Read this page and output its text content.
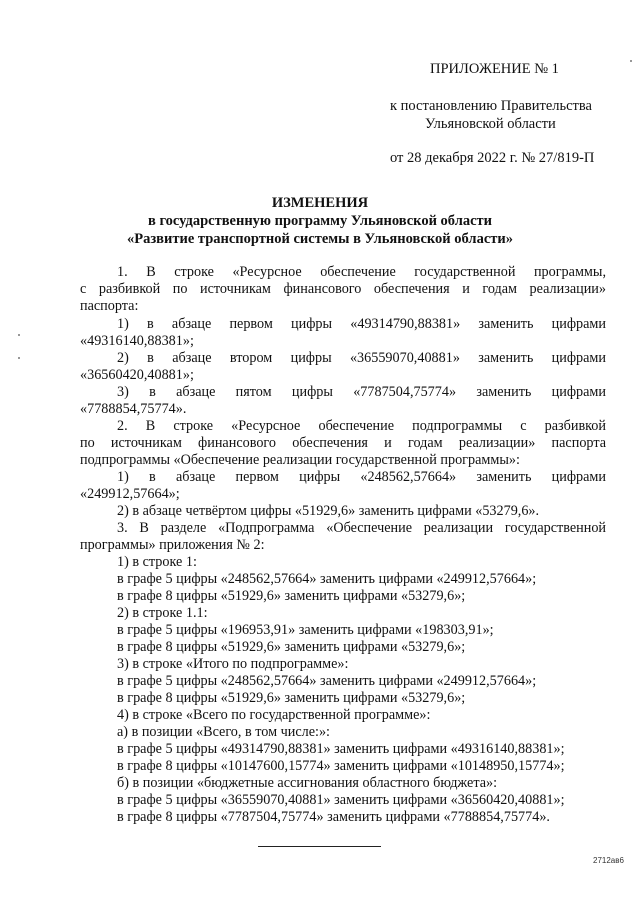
ПРИЛОЖЕНИЕ № 1
к постановлению Правительства
Ульяновской области
от 28 декабря 2022 г. № 27/819-П
ИЗМЕНЕНИЯ
в государственную программу Ульяновской области
«Развитие транспортной системы в Ульяновской области»
1. В строке «Ресурсное обеспечение государственной программы,
с разбивкой по источникам финансового обеспечения и годам реализации»
паспорта:
1) в абзаце первом цифры «49314790,88381» заменить цифрами
«49316140,88381»;
2) в абзаце втором цифры «36559070,40881» заменить цифрами
«36560420,40881»;
3) в абзаце пятом цифры «7787504,75774» заменить цифрами
«7788854,75774».
2. В строке «Ресурсное обеспечение подпрограммы с разбивкой
по источникам финансового обеспечения и годам реализации» паспорта
подпрограммы «Обеспечение реализации государственной программы»:
1) в абзаце первом цифры «248562,57664» заменить цифрами
«249912,57664»;
2) в абзаце четвёртом цифры «51929,6» заменить цифрами «53279,6».
3. В разделе «Подпрограмма «Обеспечение реализации государственной
программы» приложения № 2:
1) в строке 1:
в графе 5 цифры «248562,57664» заменить цифрами «249912,57664»;
в графе 8 цифры «51929,6» заменить цифрами «53279,6»;
2) в строке 1.1:
в графе 5 цифры «196953,91» заменить цифрами «198303,91»;
в графе 8 цифры «51929,6» заменить цифрами «53279,6»;
3) в строке «Итого по подпрограмме»:
в графе 5 цифры «248562,57664» заменить цифрами «249912,57664»;
в графе 8 цифры «51929,6» заменить цифрами «53279,6»;
4) в строке «Всего по государственной программе»:
а) в позиции «Всего, в том числе:»:
в графе 5 цифры «49314790,88381» заменить цифрами «49316140,88381»;
в графе 8 цифры «10147600,15774» заменить цифрами «10148950,15774»;
б) в позиции «бюджетные ассигнования областного бюджета»:
в графе 5 цифры «36559070,40881» заменить цифрами «36560420,40881»;
в графе 8 цифры «7787504,75774» заменить цифрами «7788854,75774».
2712ав6
